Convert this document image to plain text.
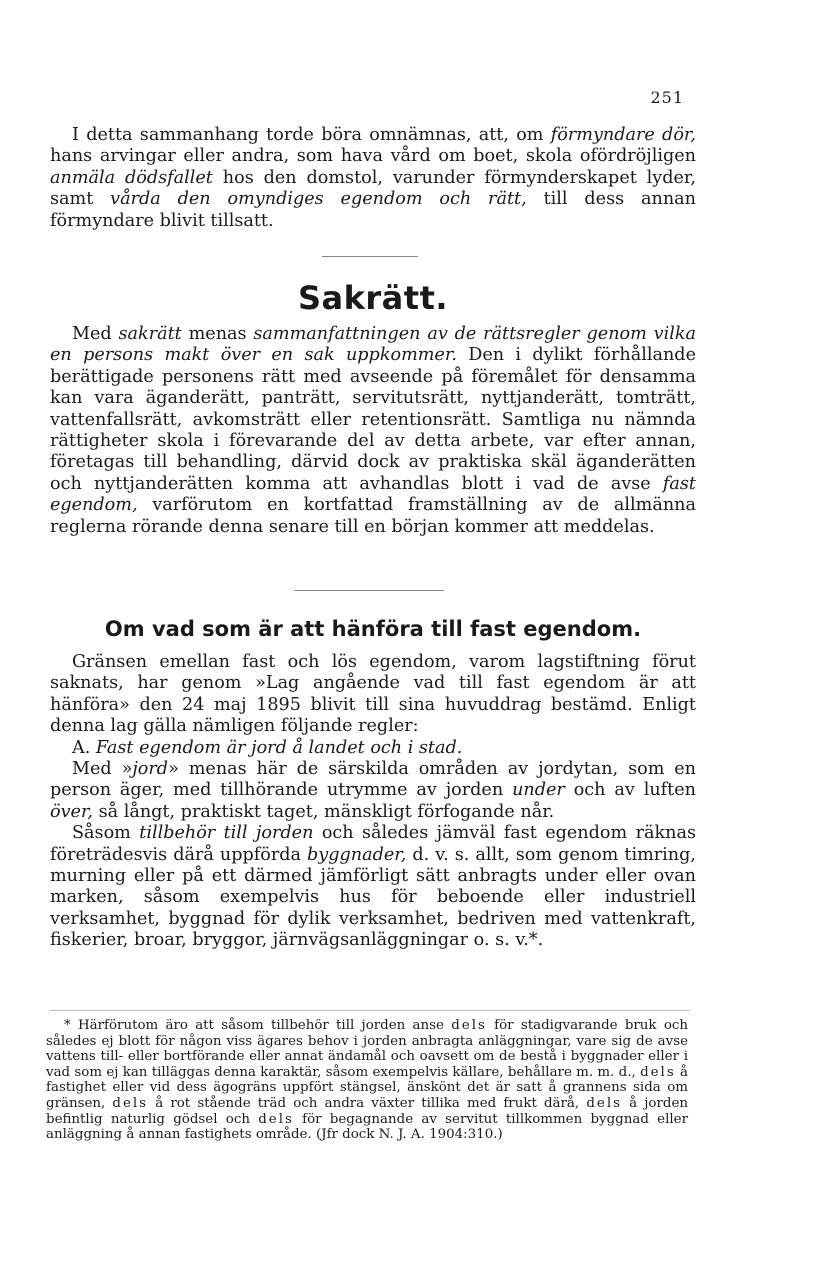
251

I detta sammanhang torde böra omnämnas, att, om förmyndare dör, hans arvingar eller andra, som hava vård om boet, skola ofördröjligen anmäla dödsfallet hos den domstol, varunder förmynderskapet lyder, samt vårda den omyndiges egendom och rätt, till dess annan förmyndare blivit tillsatt.

Sakrätt.

Med sakrätt menas sammanfattningen av de rättsregler genom vilka en persons makt över en sak uppkommer. Den i dylikt förhållande berättigade personens rätt med avseende på föremålet för densamma kan vara äganderätt, panträtt, servitutsrätt, nyttjanderätt, tomträtt, vattenfallsrätt, avkomsträtt eller retentionsrätt. Samtliga nu nämnda rättigheter skola i förevarande del av detta arbete, var efter annan, företagas till behandling, därvid dock av praktiska skäl äganderätten och nyttjanderätten komma att avhandlas blott i vad de avse fast egendom, varförutom en kortfattad framställning av de allmänna reglerna rörande denna senare till en början kommer att meddelas.

Om vad som är att hänföra till fast egendom.

Gränsen emellan fast och lös egendom, varom lagstiftning förut saknats, har genom »Lag angående vad till fast egendom är att hänföra» den 24 maj 1895 blivit till sina huvuddrag bestämd. Enligt denna lag gälla nämligen följande regler:

A. Fast egendom är jord å landet och i stad.

Med »jord» menas här de särskilda områden av jordytan, som en person äger, med tillhörande utrymme av jorden under och av luften över, så långt, praktiskt taget, mänskligt förfogande når.

Såsom tillbehör till jorden och således jämväl fast egendom räknas företrädesvis därå uppförda byggnader, d. v. s. allt, som genom timring, murning eller på ett därmed jämförligt sätt anbragts under eller ovan marken, såsom exempelvis hus för beboende eller industriell verksamhet, byggnad för dylik verksamhet, bedriven med vattenkraft, fiskerier, broar, bryggor, järnvägsanläggningar o. s. v.*.

* Härförutom äro att såsom tillbehör till jorden anse dels för stadigvarande bruk och således ej blott för någon viss ägares behov i jorden anbragta anläggningar, vare sig de avse vattens till- eller bortförande eller annat ändamål och oavsett om de bestå i byggnader eller i vad som ej kan tilläggas denna karaktär, såsom exempelvis källare, behållare m. m. d., dels å fastighet eller vid dess ägogräns uppfört stängsel, änskönt det är satt å grannens sida om gränsen, dels å rot stående träd och andra växter tillika med frukt därå, dels å jorden befintlig naturlig gödsel och dels för begagnande av servitut tillkommen byggnad eller anläggning å annan fastighets område. (Jfr dock N. J. A. 1904:310.)
